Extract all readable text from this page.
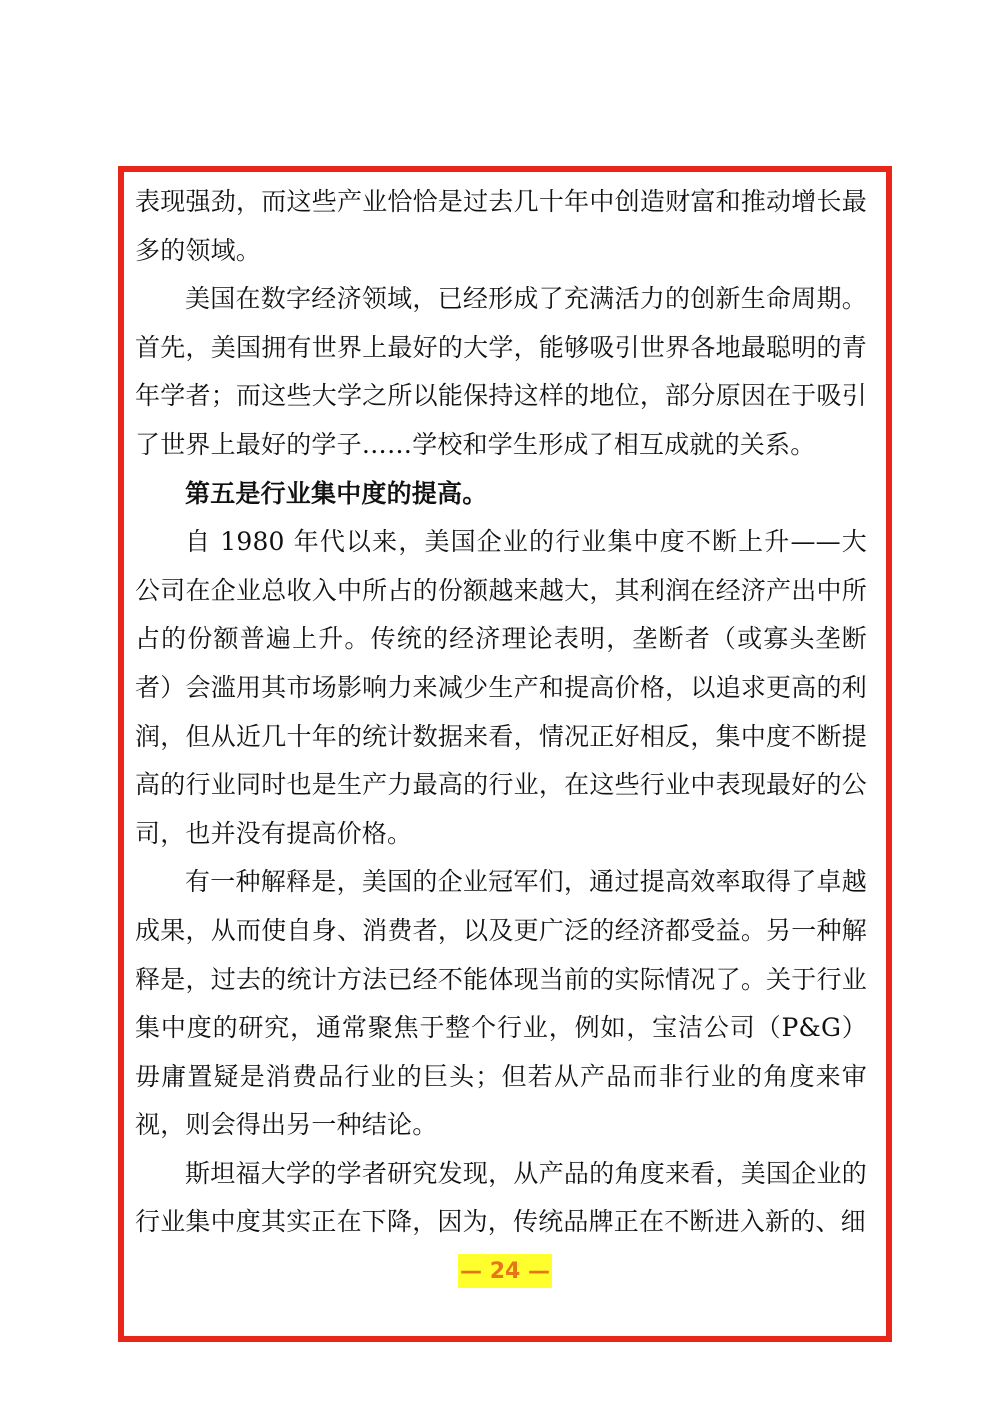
表现强劲，而这些产业恰恰是过去几十年中创造财富和推动增长最多的领域。

美国在数字经济领域，已经形成了充满活力的创新生命周期。首先，美国拥有世界上最好的大学，能够吸引世界各地最聪明的青年学者；而这些大学之所以能保持这样的地位，部分原因在于吸引了世界上最好的学子……学校和学生形成了相互成就的关系。

第五是行业集中度的提高。

自 1980 年代以来，美国企业的行业集中度不断上升——大公司在企业总收入中所占的份额越来越大，其利润在经济产出中所占的份额普遍上升。传统的经济理论表明，垄断者（或寡头垄断者）会滥用其市场影响力来减少生产和提高价格，以追求更高的利润，但从近几十年的统计数据来看，情况正好相反，集中度不断提高的行业同时也是生产力最高的行业，在这些行业中表现最好的公司，也并没有提高价格。

有一种解释是，美国的企业冠军们，通过提高效率取得了卓越成果，从而使自身、消费者，以及更广泛的经济都受益。另一种解释是，过去的统计方法已经不能体现当前的实际情况了。关于行业集中度的研究，通常聚焦于整个行业，例如，宝洁公司（P&G）毋庸置疑是消费品行业的巨头；但若从产品而非行业的角度来审视，则会得出另一种结论。

斯坦福大学的学者研究发现，从产品的角度来看，美国企业的行业集中度其实正在下降，因为，传统品牌正在不断进入新的、细

— 24 —
